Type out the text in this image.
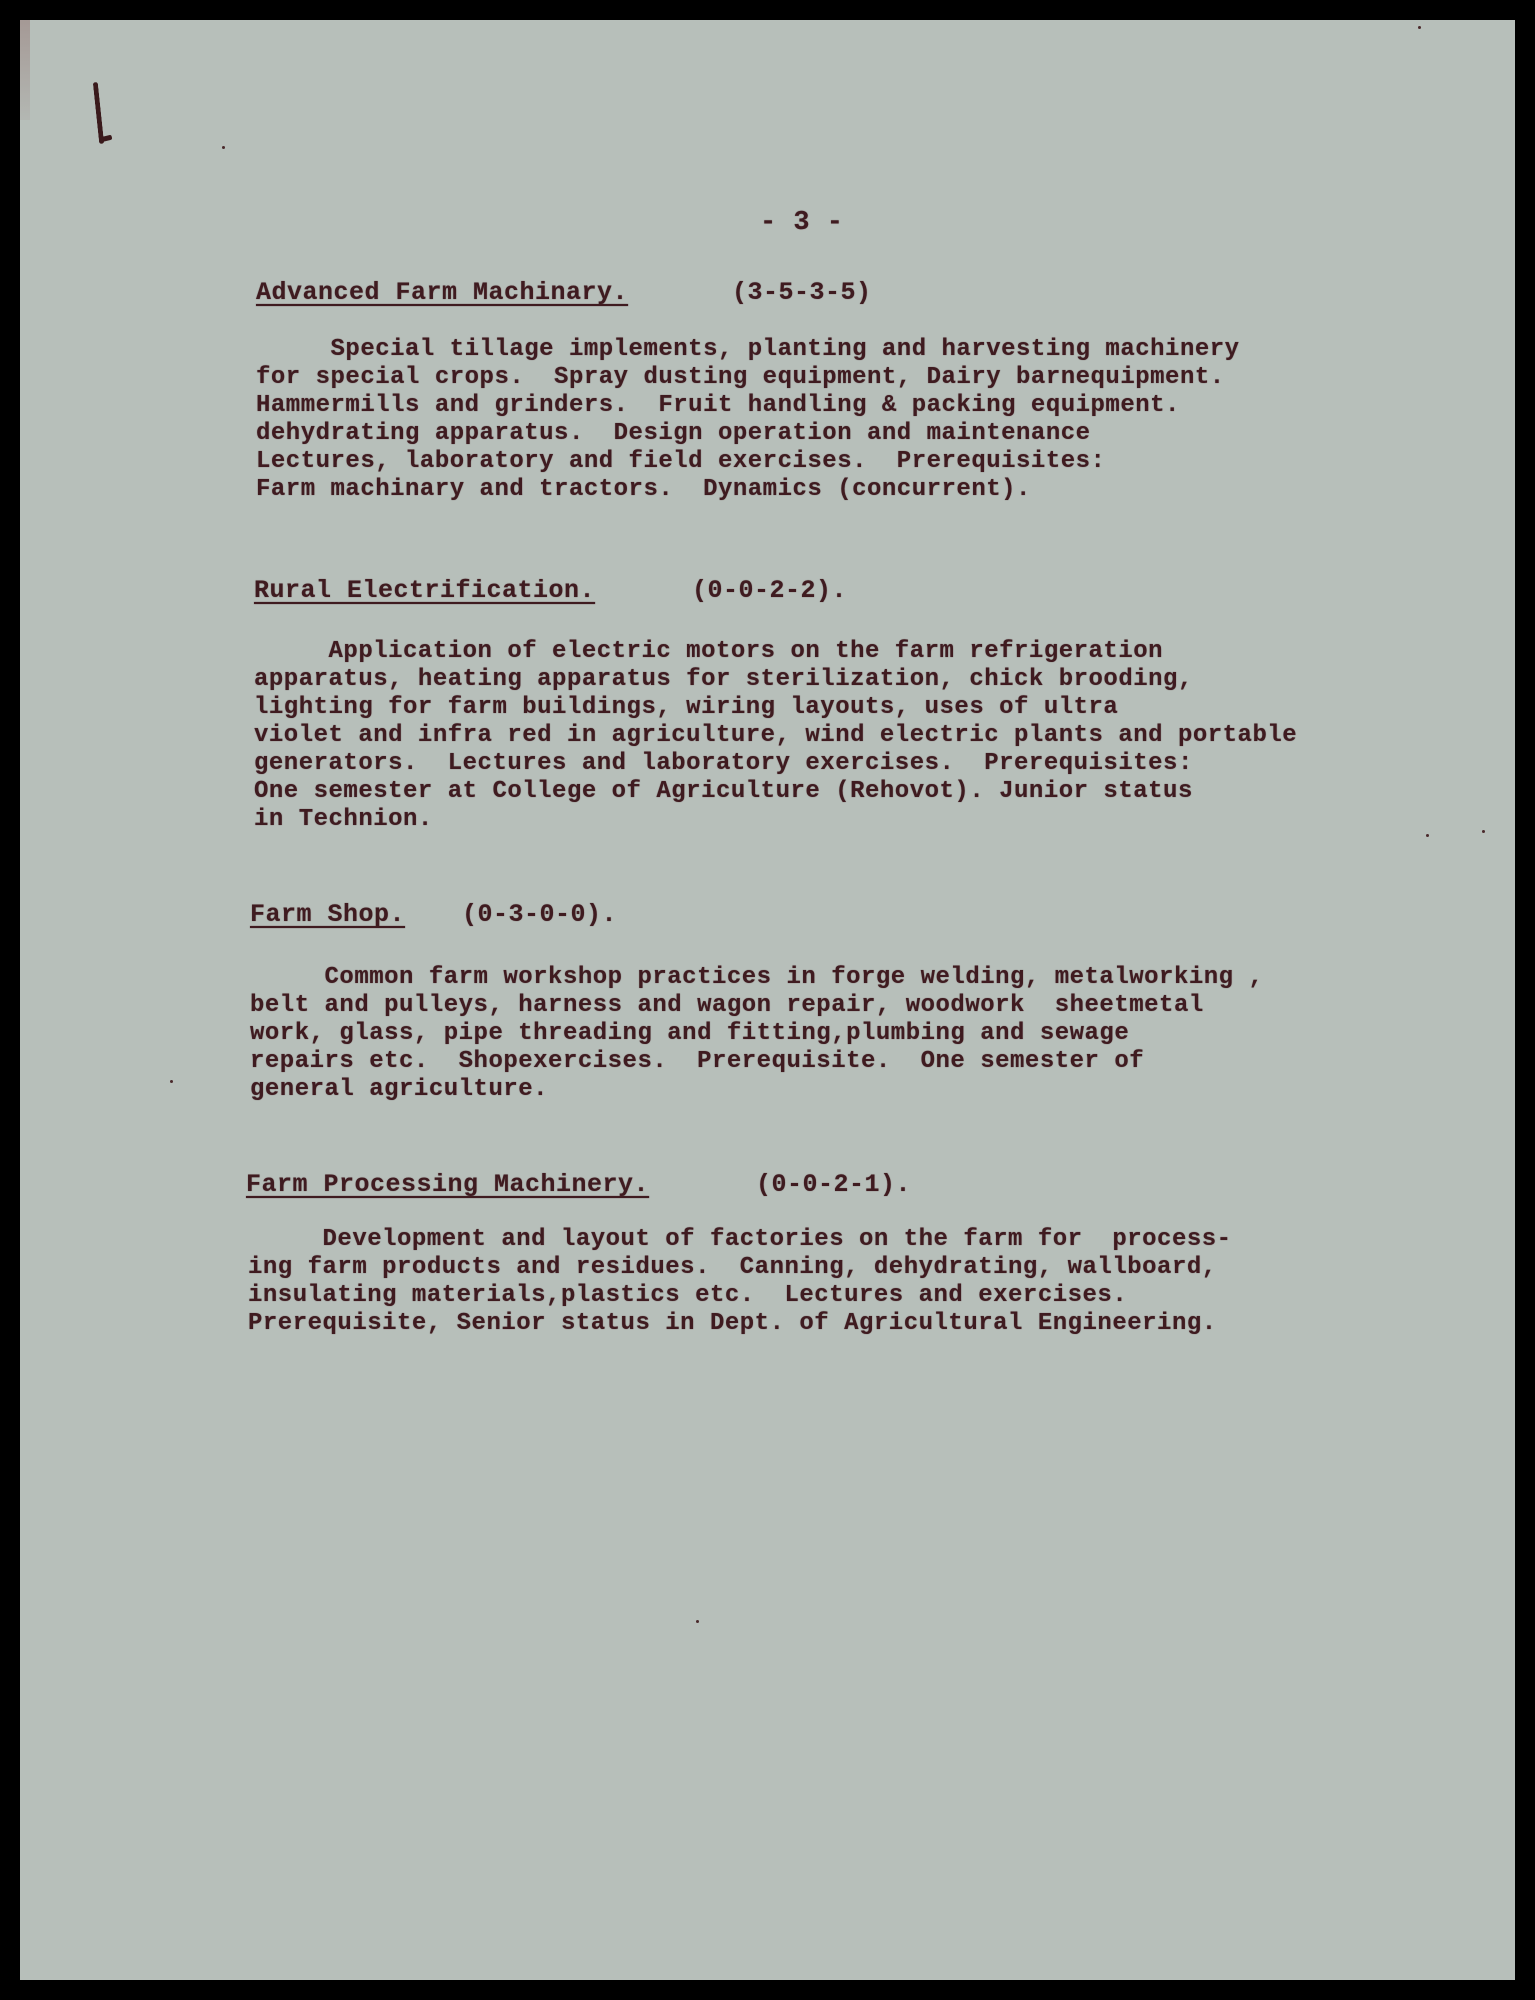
- 3 -
Advanced Farm Machinary.	(3-5-3-5)
Special tillage implements, planting and harvesting machinery
for special crops.  Spray dusting equipment, Dairy barnequipment.
Hammermills and grinders.  Fruit handling & packing equipment.
dehydrating apparatus.  Design operation and maintenance
Lectures, laboratory and field exercises.  Prerequisites:
Farm machinary and tractors.  Dynamics (concurrent).
Rural Electrification.	(0-0-2-2).
Application of electric motors on the farm refrigeration
apparatus, heating apparatus for sterilization, chick brooding,
lighting for farm buildings, wiring layouts, uses of ultra
violet and infra red in agriculture, wind electric plants and portable
generators.  Lectures and laboratory exercises.  Prerequisites:
One semester at College of Agriculture (Rehovot). Junior status
in Technion.
Farm Shop. (0-3-0-0).
Common farm workshop practices in forge welding, metalworking ,
belt and pulleys, harness and wagon repair, woodwork  sheetmetal
work, glass, pipe threading and fitting,plumbing and sewage
repairs etc.  Shopexercises.  Prerequisite.  One semester of
general agriculture.
Farm Processing Machinery.	(0-0-2-1).
Development and layout of factories on the farm for  process-
ing farm products and residues.  Canning, dehydrating, wallboard,
insulating materials,plastics etc.  Lectures and exercises.
Prerequisite, Senior status in Dept. of Agricultural Engineering.
